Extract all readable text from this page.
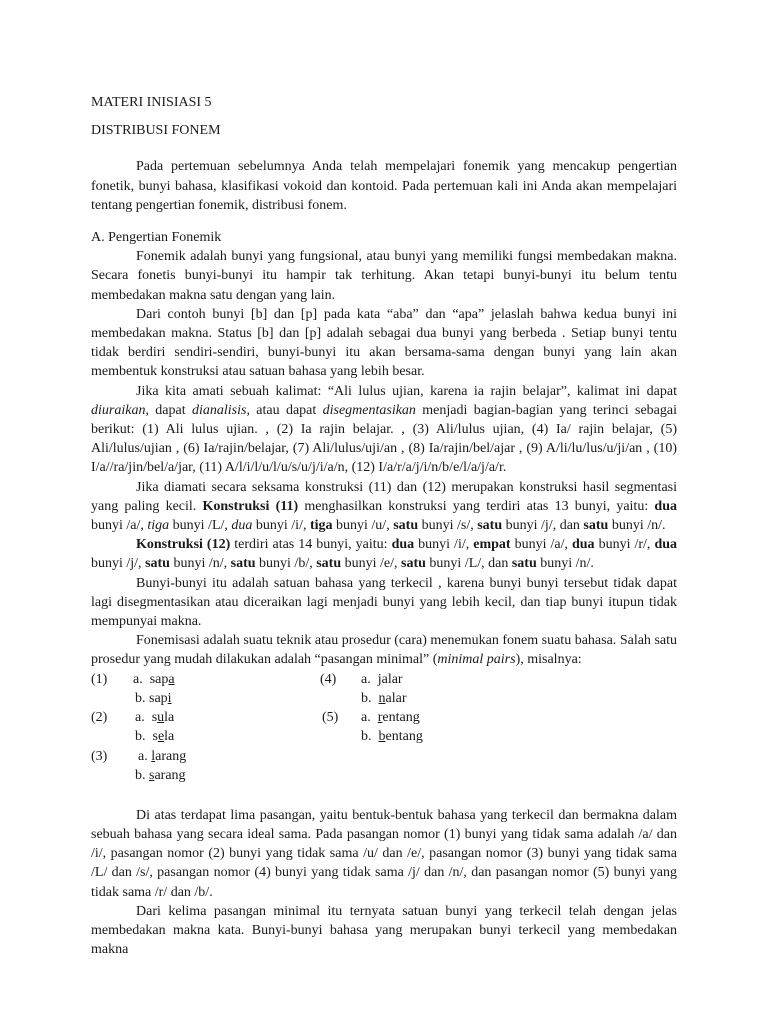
MATERI INISIASI 5

DISTRIBUSI FONEM

Pada pertemuan sebelumnya Anda telah mempelajari fonemik yang mencakup pengertian fonetik, bunyi bahasa, klasifikasi vokoid dan kontoid. Pada pertemuan kali ini Anda akan mempelajari tentang pengertian fonemik, distribusi fonem.

A. Pengertian Fonemik

Fonemik adalah bunyi yang fungsional, atau bunyi yang memiliki fungsi membedakan makna. Secara fonetis bunyi-bunyi itu hampir tak terhitung. Akan tetapi bunyi-bunyi itu belum tentu membedakan makna satu dengan yang lain.

Dari contoh bunyi [b] dan [p] pada kata “aba” dan “apa” jelaslah bahwa kedua bunyi ini membedakan makna. Status [b] dan [p] adalah sebagai dua bunyi yang berbeda . Setiap bunyi tentu tidak berdiri sendiri-sendiri, bunyi-bunyi itu akan bersama-sama dengan bunyi yang lain akan membentuk konstruksi atau satuan bahasa yang lebih besar.

Jika kita amati sebuah kalimat: “Ali lulus ujian, karena ia rajin belajar”, kalimat ini dapat diuraikan, dapat dianalisis, atau dapat disegmentasikan menjadi bagian-bagian yang terinci sebagai berikut: (1) Ali lulus ujian. , (2) Ia rajin belajar. , (3) Ali/lulus ujian, (4) Ia/ rajin belajar, (5) Ali/lulus/ujian , (6) Ia/rajin/belajar, (7) Ali/lulus/uji/an , (8) Ia/rajin/bel/ajar , (9) A/li/lu/lus/u/ji/an , (10) I/a//ra/jin/bel/a/jar, (11) A/l/i/l/u/l/u/s/u/j/i/a/n, (12) I/a/r/a/j/i/n/b/e/l/a/j/a/r.

Jika diamati secara seksama konstruksi (11) dan (12) merupakan konstruksi hasil segmentasi yang paling kecil. Konstruksi (11) menghasilkan konstruksi yang terdiri atas 13 bunyi, yaitu: dua bunyi /a/, tiga bunyi /L/, dua bunyi /i/, tiga bunyi /u/, satu bunyi /s/, satu bunyi /j/, dan satu bunyi /n/.

Konstruksi (12) terdiri atas 14 bunyi, yaitu: dua bunyi /i/, empat bunyi /a/, dua bunyi /r/, dua bunyi /j/, satu bunyi /n/, satu bunyi /b/, satu bunyi /e/, satu bunyi /L/, dan satu bunyi /n/.

Bunyi-bunyi itu adalah satuan bahasa yang terkecil , karena bunyi bunyi tersebut tidak dapat lagi disegmentasikan atau diceraikan lagi menjadi bunyi yang lebih kecil, dan tiap bunyi itupun tidak mempunyai makna.

Fonemisasi adalah suatu teknik atau prosedur (cara) menemukan fonem suatu bahasa. Salah satu prosedur yang mudah dilakukan adalah “pasangan minimal” (minimal pairs), misalnya:

(1) a.  sapa
b. sapi
(2) a.  sula
b.  sela
(3) a. larang
b. sarang
(4) a.  jalar
b.  nalar
(5) a.  rentang
b.  bentang

Di atas terdapat lima pasangan, yaitu bentuk-bentuk bahasa yang terkecil dan bermakna dalam sebuah bahasa yang secara ideal sama. Pada pasangan nomor (1) bunyi yang tidak sama adalah /a/ dan /i/, pasangan nomor (2) bunyi yang tidak sama /u/ dan /e/, pasangan nomor (3) bunyi yang tidak sama /L/ dan /s/, pasangan nomor (4) bunyi yang tidak sama /j/ dan /n/, dan pasangan nomor (5) bunyi yang tidak sama /r/ dan /b/.

Dari kelima pasangan minimal itu ternyata satuan bunyi yang terkecil telah dengan jelas membedakan makna kata. Bunyi-bunyi bahasa yang merupakan bunyi terkecil yang membedakan makna
